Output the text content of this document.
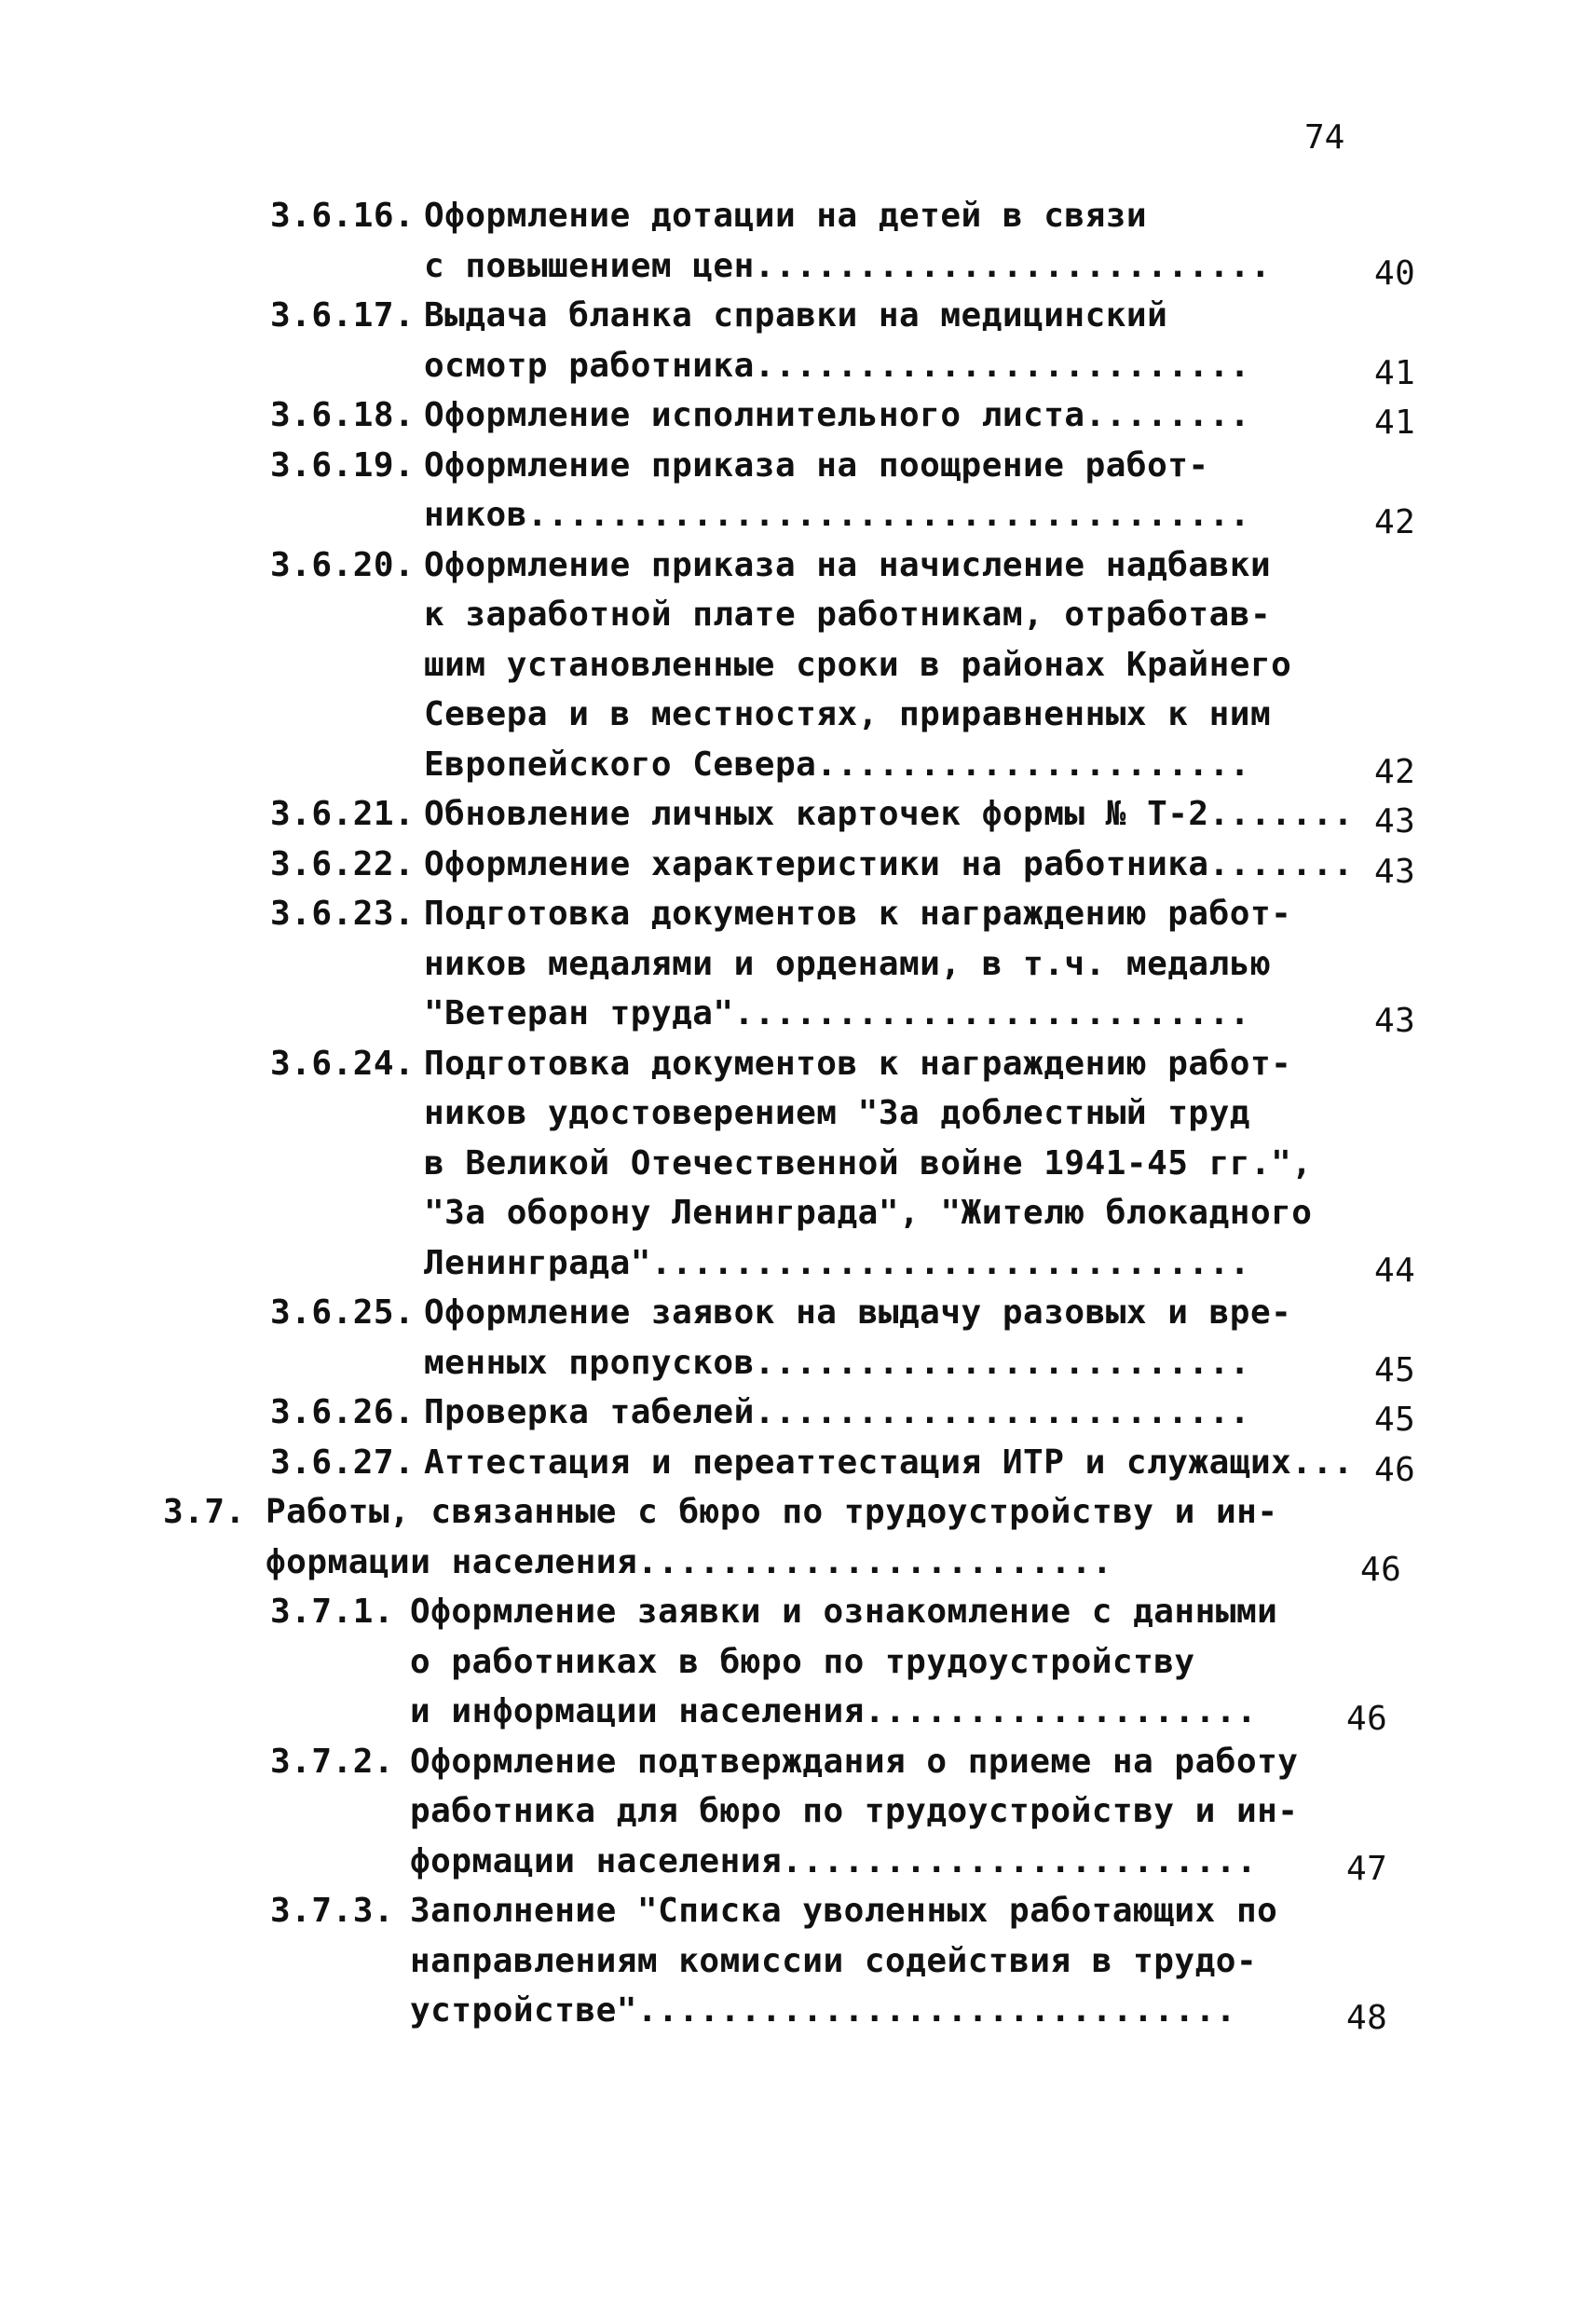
74
3.6.16. Оформление дотации на детей в связи
с повышением цен.........................	40
3.6.17. Выдача бланка справки на медицинский
осмотр работника........................	41
3.6.18. Оформление исполнительного листа........	41
3.6.19. Оформление приказа на поощрение работ-
ников...................................	42
3.6.20. Оформление приказа на начисление надбавки
к заработной плате работникам, отработав-
шим установленные сроки в районах Крайнего
Севера и в местностях, приравненных к ним
Европейского Севера.....................	42
3.6.21. Обновление личных карточек формы № Т-2....... 43
3.6.22. Оформление характеристики на работника....... 43
3.6.23. Подготовка документов к награждению работ-
ников медалями и орденами, в т.ч. медалью
"Ветеран труда".........................	43
3.6.24. Подготовка документов к награждению работ-
ников удостоверением "За доблестный труд
в Великой Отечественной войне 1941-45 гг.",
"За оборону Ленинграда", "Жителю блокадного
Ленинграда".............................	44
3.6.25. Оформление заявок на выдачу разовых и вре-
менных пропусков........................	45
3.6.26. Проверка табелей........................	45
3.6.27. Аттестация и переаттестация ИТР и служащих... 46
3.7. Работы, связанные с бюро по трудоустройству и ин-
формации населения.......................	46
3.7.1. Оформление заявки и ознакомление с данными
о работниках в бюро по трудоустройству
и информации населения...................	46
3.7.2. Оформление подтверждания о приеме на работу
работника для бюро по трудоустройству и ин-
формации населения.......................	47
3.7.3. Заполнение "Списка уволенных работающих по
направлениям комиссии содействия в трудо-
устройстве".............................	48
